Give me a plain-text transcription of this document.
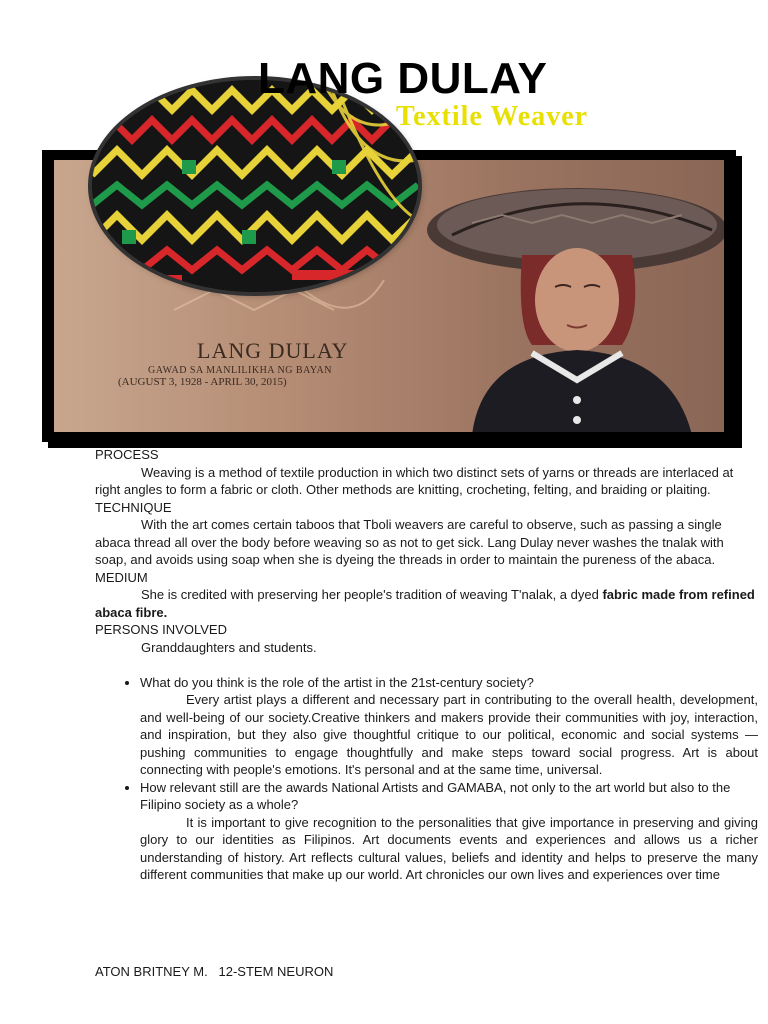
LANG DULAY
Textile Weaver
LANG DULAY
GAWAD SA MANLILIKHA NG BAYAN
(AUGUST 3, 1928 - APRIL 30, 2015)
PROCESS
Weaving is a method of textile production in which two distinct sets of yarns or threads are interlaced at right angles to form a fabric or cloth. Other methods are knitting, crocheting, felting, and braiding or plaiting.
TECHNIQUE
With the art comes certain taboos that Tboli weavers are careful to observe, such as passing a single abaca thread all over the body before weaving so as not to get sick. Lang Dulay never washes the tnalak with soap, and avoids using soap when she is dyeing the threads in order to maintain the pureness of the abaca.
MEDIUM
She is credited with preserving her people's tradition of weaving T'nalak, a dyed fabric made from refined abaca fibre.
PERSONS INVOLVED
Granddaughters and students.
• What do you think is the role of the artist in the 21st-century society?
Every artist plays a different and necessary part in contributing to the overall health, development, and well-being of our society.Creative thinkers and makers provide their communities with joy, interaction, and inspiration, but they also give thoughtful critique to our political, economic and social systems — pushing communities to engage thoughtfully and make steps toward social progress. Art is about connecting with people's emotions. It's personal and at the same time, universal.
• How relevant still are the awards National Artists and GAMABA, not only to the art world but also to the Filipino society as a whole?
It is important to give recognition to the personalities that give importance in preserving and giving glory to our identities as Filipinos. Art documents events and experiences and allows us a richer understanding of history. Art reflects cultural values, beliefs and identity and helps to preserve the many different communities that make up our world. Art chronicles our own lives and experiences over time
ATON BRITNEY M.   12-STEM NEURON
